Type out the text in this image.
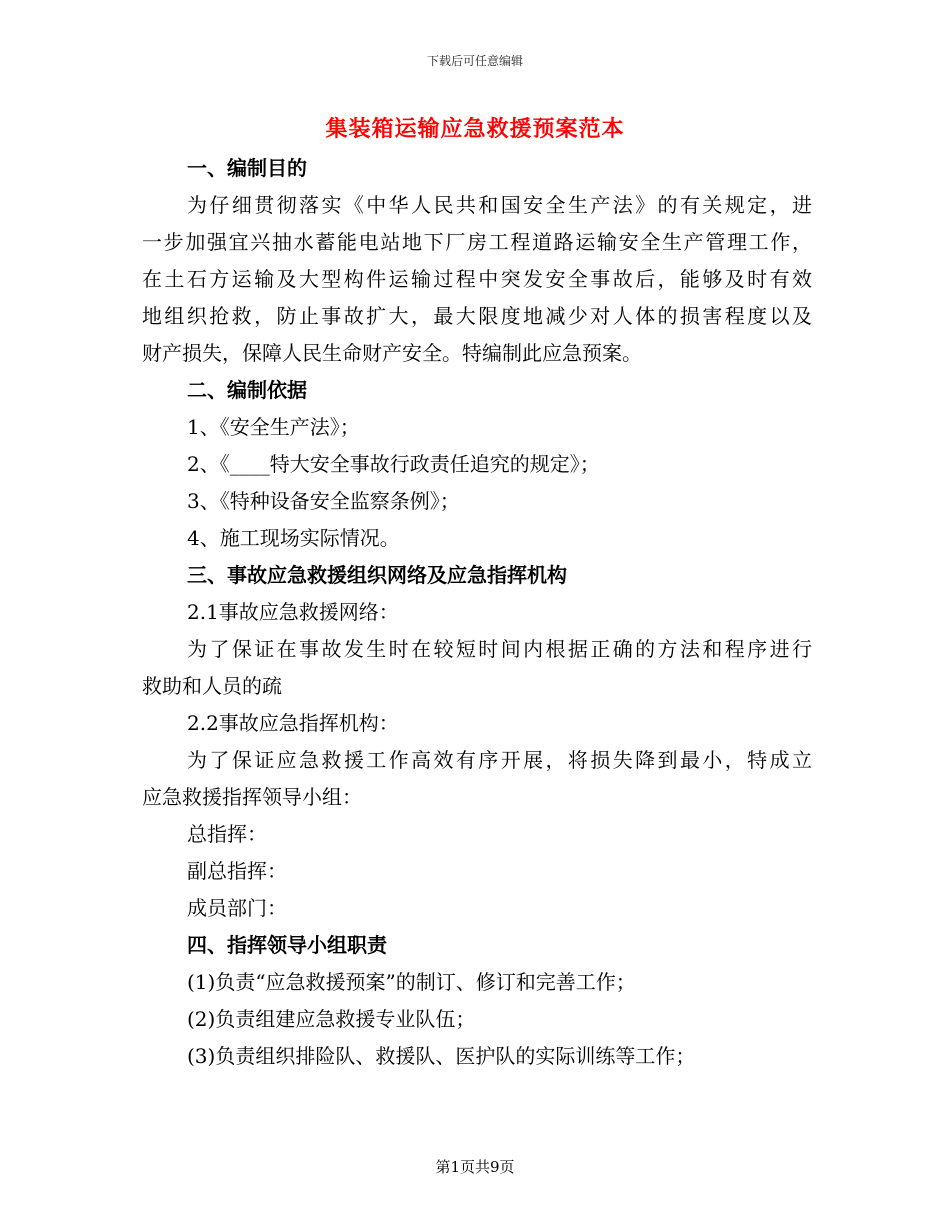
下载后可任意编辑
集装箱运输应急救援预案范本
一、编制目的
为仔细贯彻落实《中华人民共和国安全生产法》的有关规定，进
一步加强宜兴抽水蓄能电站地下厂房工程道路运输安全生产管理工作，
在土石方运输及大型构件运输过程中突发安全事故后，能够及时有效
地组织抢救，防止事故扩大，最大限度地减少对人体的损害程度以及
财产损失，保障人民生命财产安全。特编制此应急预案。
二、编制依据
1、《安全生产法》；
2、《____特大安全事故行政责任追究的规定》；
3、《特种设备安全监察条例》；
4、施工现场实际情况。
三、事故应急救援组织网络及应急指挥机构
2.1事故应急救援网络：
为了保证在事故发生时在较短时间内根据正确的方法和程序进行
救助和人员的疏
2.2事故应急指挥机构：
为了保证应急救援工作高效有序开展，将损失降到最小，特成立
应急救援指挥领导小组：
总指挥：
副总指挥：
成员部门：
四、指挥领导小组职责
(1)负责“应急救援预案”的制订、修订和完善工作；
(2)负责组建应急救援专业队伍；
(3)负责组织排险队、救援队、医护队的实际训练等工作；
第1页共9页
